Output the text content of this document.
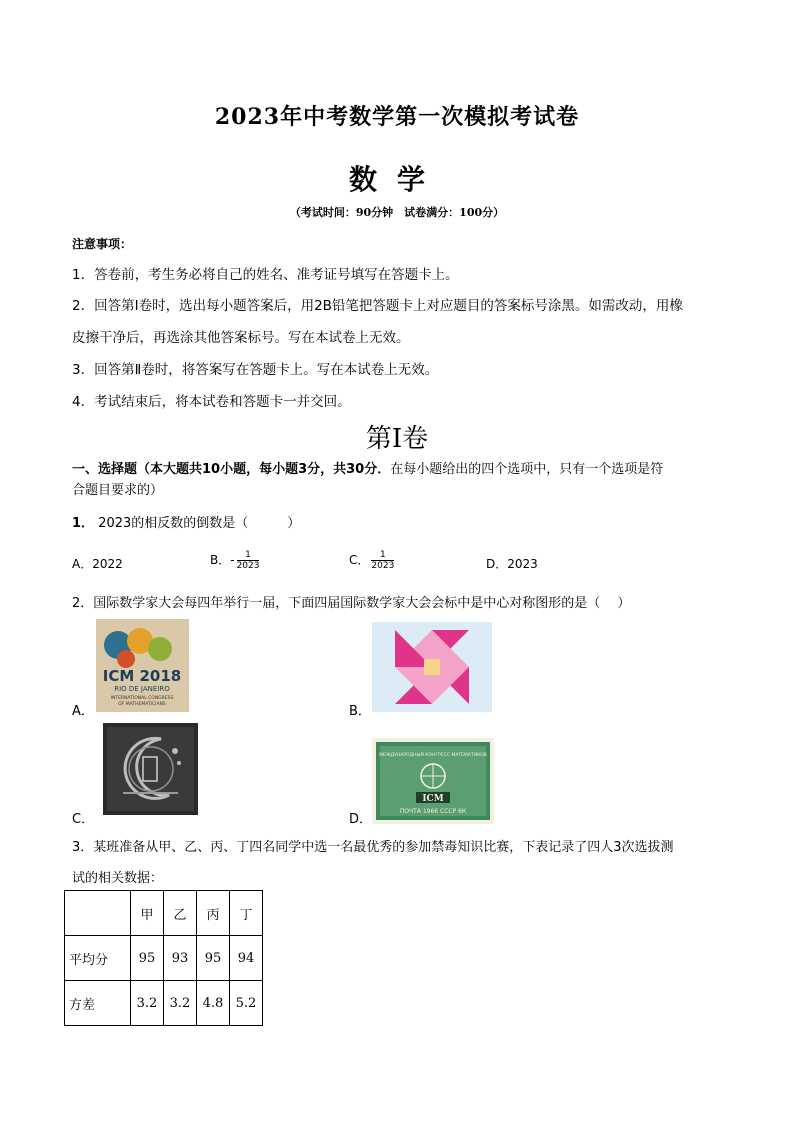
2023年中考数学第一次模拟考试卷
数学
（考试时间：90分钟　试卷满分：100分）
注意事项：
1．答卷前，考生务必将自己的姓名、准考证号填写在答题卡上。
2．回答第Ⅰ卷时，选出每小题答案后，用2B铅笔把答题卡上对应题目的答案标号涂黑。如需改动，用橡
皮擦干净后，再选涂其他答案标号。写在本试卷上无效。
3．回答第Ⅱ卷时，将答案写在答题卡上。写在本试卷上无效。
4．考试结束后，将本试卷和答题卡一并交回。
第Ⅰ卷
一、选择题（本大题共10小题，每小题3分，共30分．在每小题给出的四个选项中，只有一个选项是符
合题目要求的）
1． 2023的相反数的倒数是（　　　）
A．2022	B．- $\frac{1}{2023}$	C． $\frac{1}{2023}$	D．2023
2．国际数学家大会每四年举行一届，下面四届国际数学家大会会标中是中心对称图形的是（　 ）
A．
ICM 2018
RIO DE JANEIRO
INTERNATIONAL CONGRESS
OF MATHEMATICIANS	B．
C．	D．
МЕЖДУНАРОДНЫЙ КОНГРЕСС МАТЕМАТИКОВ
ICM
ПОЧТА 1966 СССР 6К
3．某班准备从甲、乙、丙、丁四名同学中选一名最优秀的参加禁毒知识比赛，下表记录了四人3次选拔测
试的相关数据：
	甲	乙	丙	丁
平均分	95	93	95	94
方差	3.2	3.2	4.8	5.2
